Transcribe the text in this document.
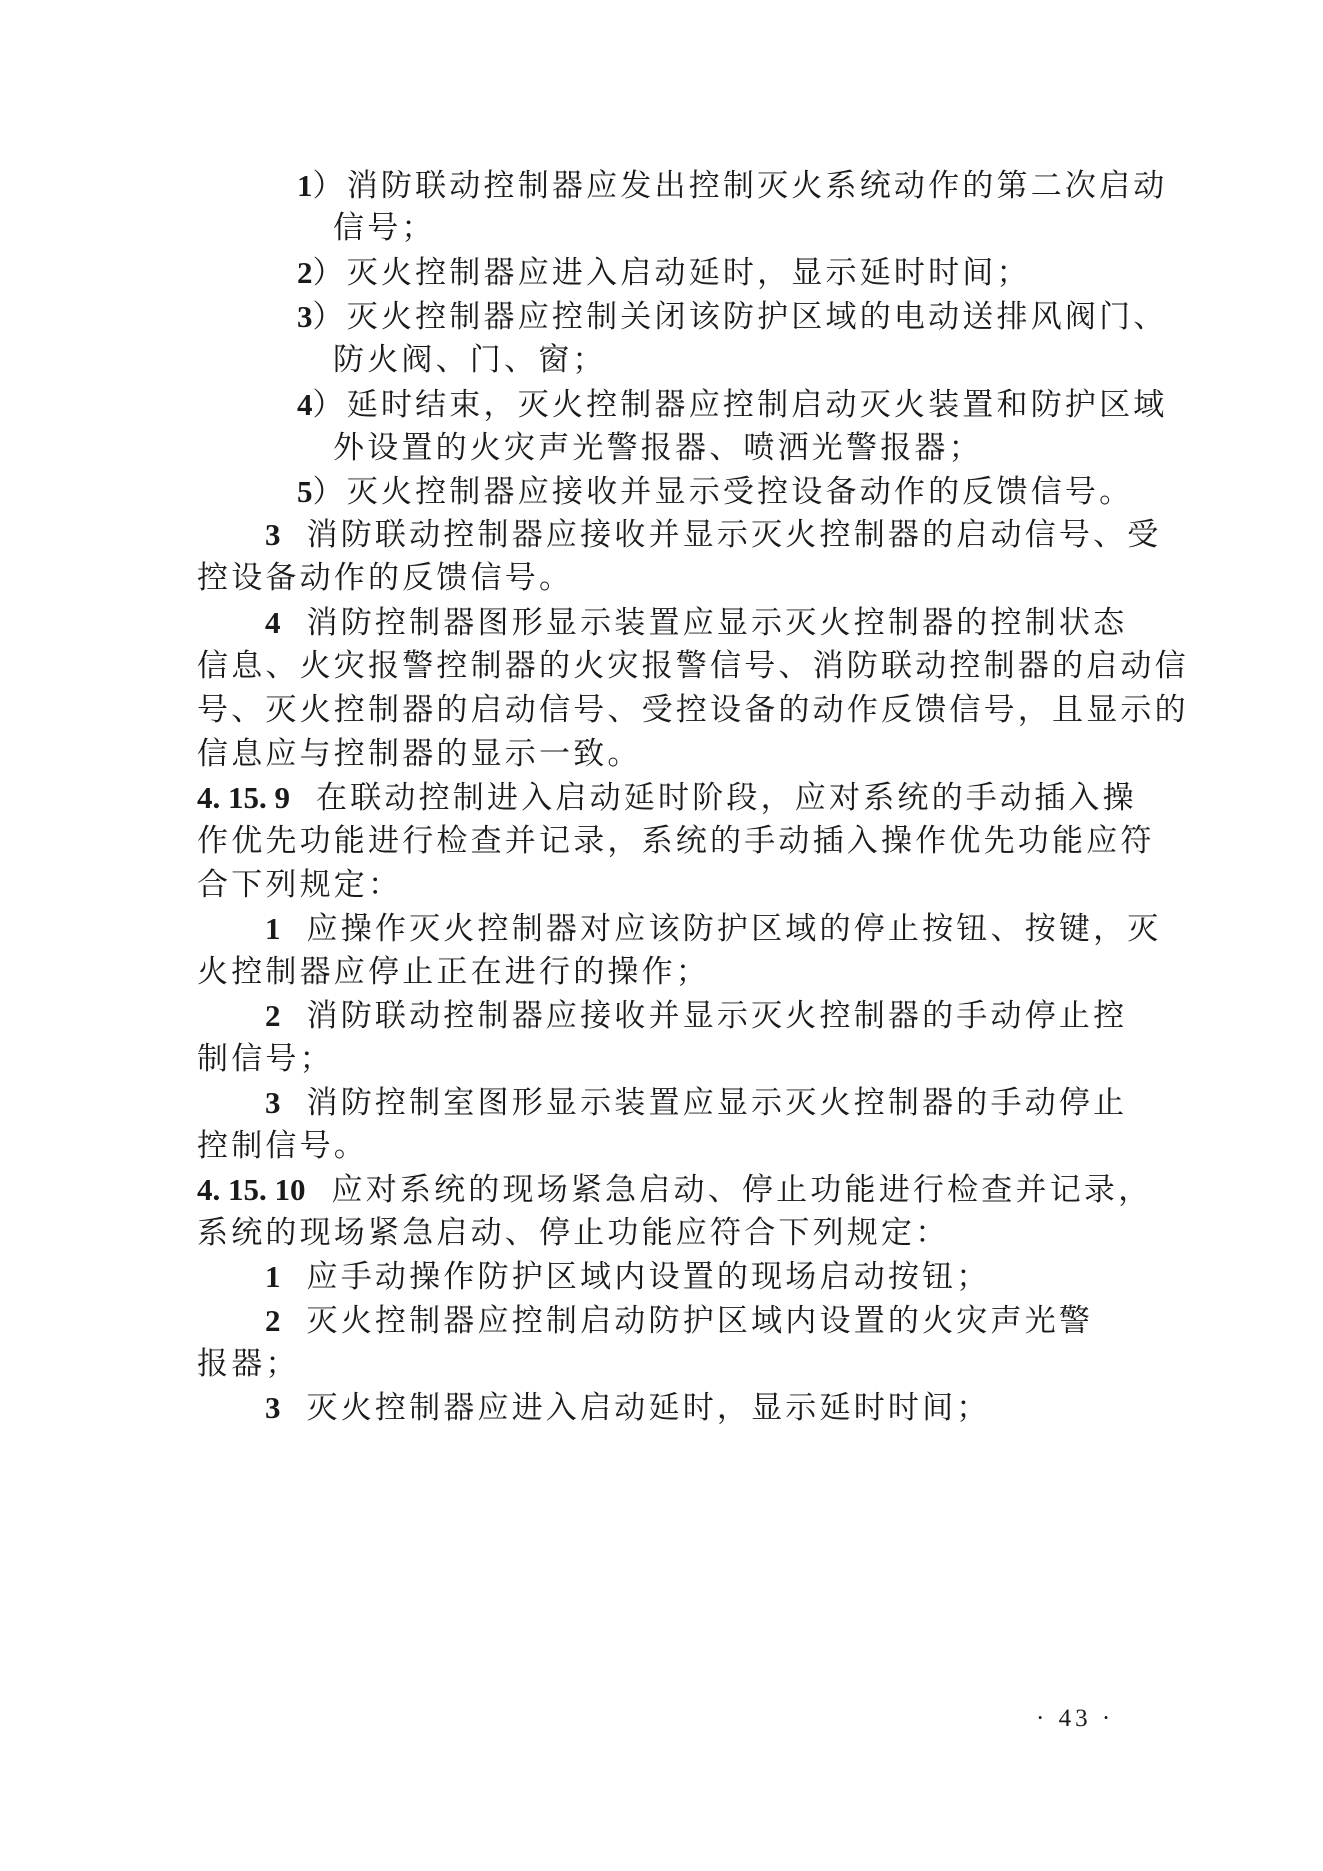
1）消防联动控制器应发出控制灭火系统动作的第二次启动
信号；
2）灭火控制器应进入启动延时，显示延时时间；
3）灭火控制器应控制关闭该防护区域的电动送排风阀门、
防火阀、门、窗；
4）延时结束，灭火控制器应控制启动灭火装置和防护区域
外设置的火灾声光警报器、喷洒光警报器；
5）灭火控制器应接收并显示受控设备动作的反馈信号。
3 消防联动控制器应接收并显示灭火控制器的启动信号、受
控设备动作的反馈信号。
4 消防控制器图形显示装置应显示灭火控制器的控制状态
信息、火灾报警控制器的火灾报警信号、消防联动控制器的启动信
号、灭火控制器的启动信号、受控设备的动作反馈信号，且显示的
信息应与控制器的显示一致。
4. 15. 9 在联动控制进入启动延时阶段，应对系统的手动插入操
作优先功能进行检查并记录，系统的手动插入操作优先功能应符
合下列规定：
1 应操作灭火控制器对应该防护区域的停止按钮、按键，灭
火控制器应停止正在进行的操作；
2 消防联动控制器应接收并显示灭火控制器的手动停止控
制信号；
3 消防控制室图形显示装置应显示灭火控制器的手动停止
控制信号。
4. 15. 10 应对系统的现场紧急启动、停止功能进行检查并记录，
系统的现场紧急启动、停止功能应符合下列规定：
1 应手动操作防护区域内设置的现场启动按钮；
2 灭火控制器应控制启动防护区域内设置的火灾声光警
报器；
3 灭火控制器应进入启动延时，显示延时时间；
· 43 ·
